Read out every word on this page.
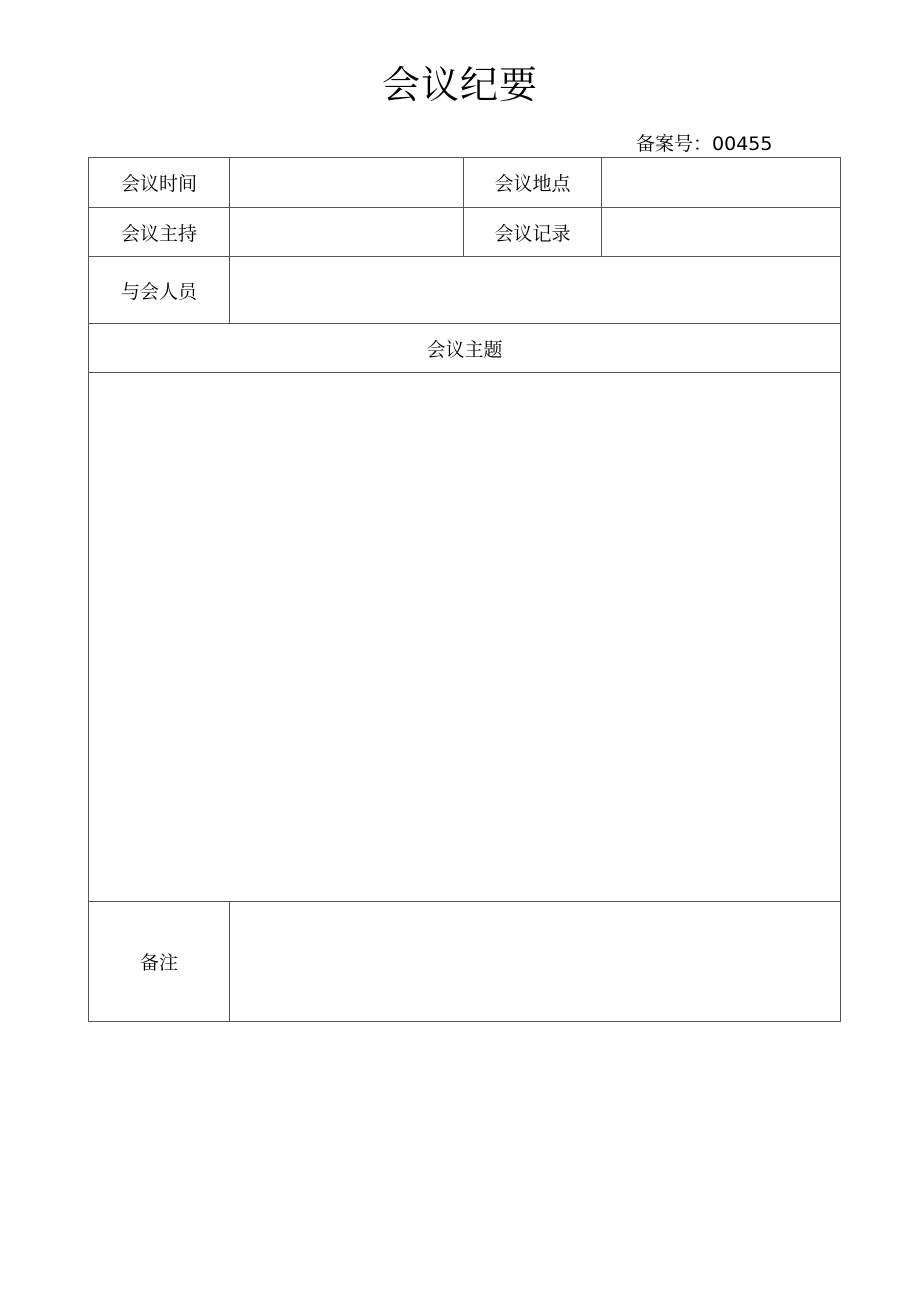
会议纪要
备案号：00455
会议时间		会议地点	
会议主持		会议记录	
与会人员			
会议主题			

备注			
